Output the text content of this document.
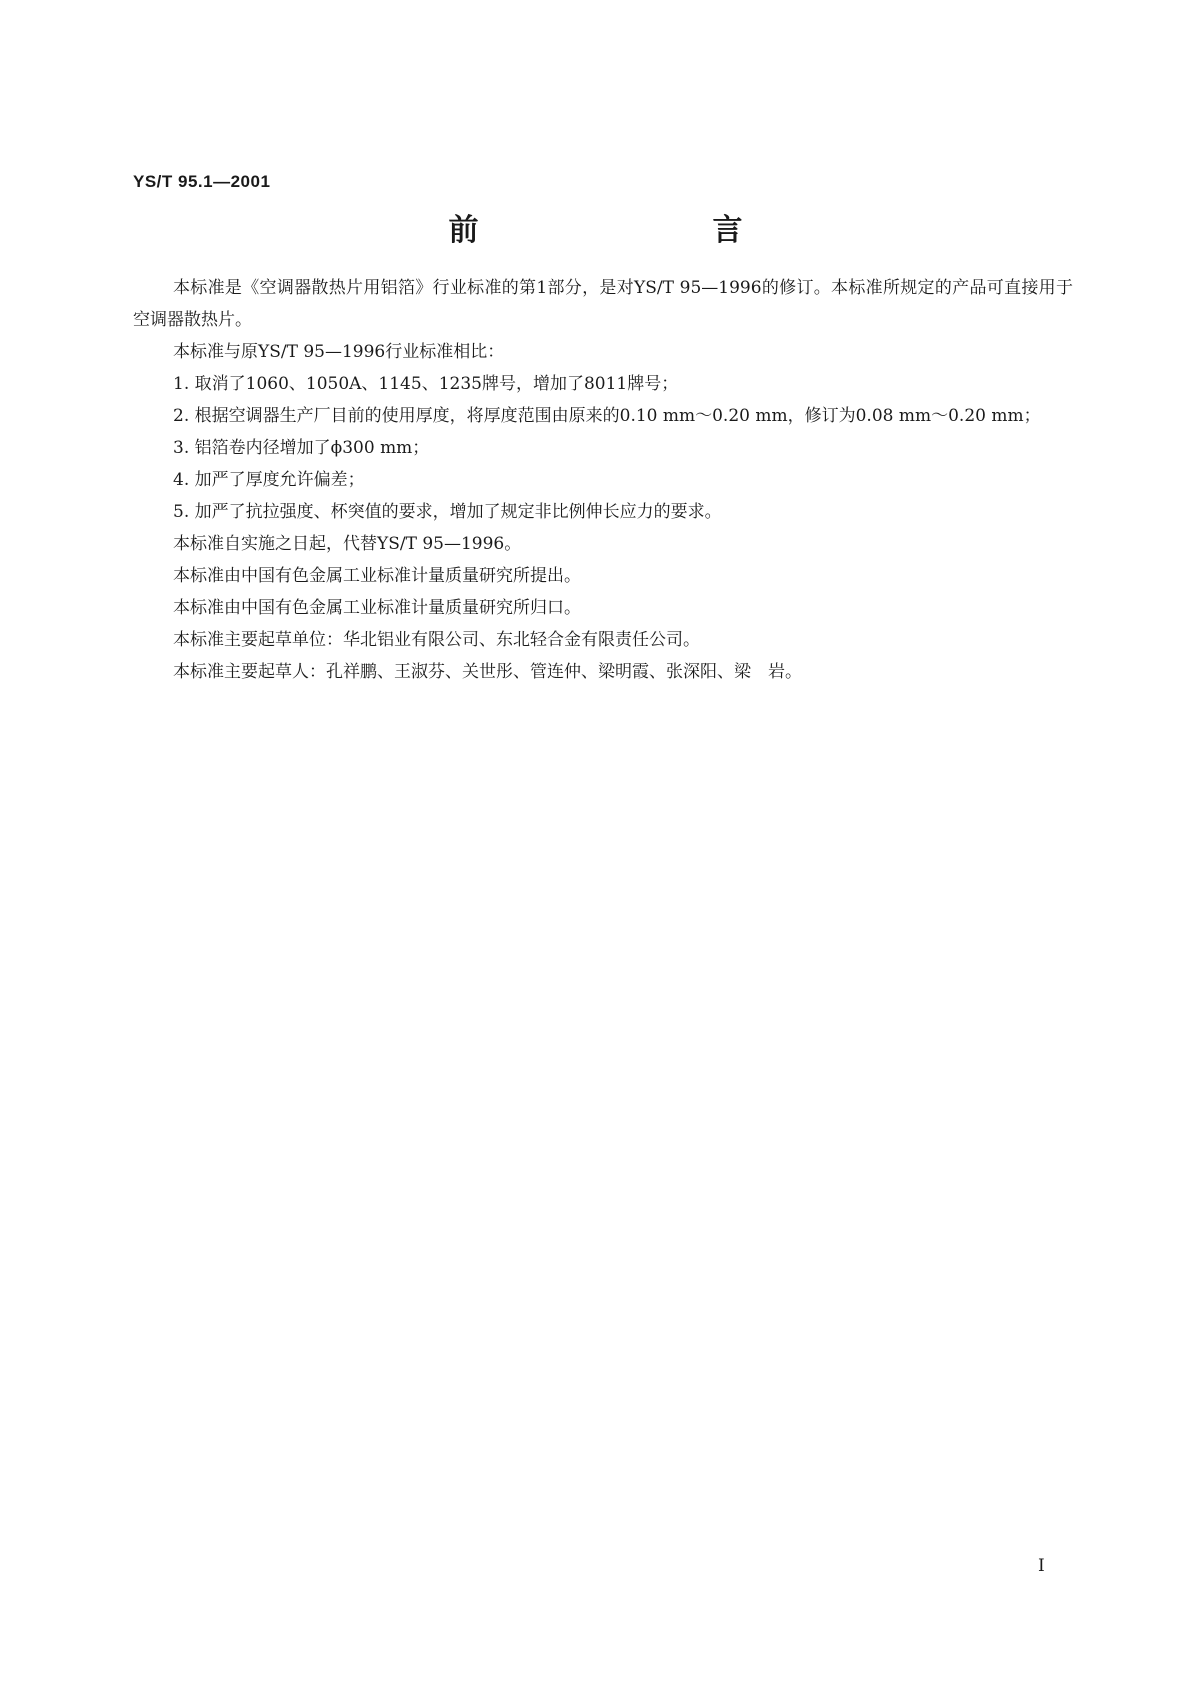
YS/T 95.1—2001
前　　言

本标准是《空调器散热片用铝箔》行业标准的第1部分，是对YS/T 95—1996的修订。本标准所规定的产品可直接用于空调器散热片。

本标准与原YS/T 95—1996行业标准相比：

1. 取消了1060、1050A、1145、1235牌号，增加了8011牌号；

2. 根据空调器生产厂目前的使用厚度，将厚度范围由原来的0.10 mm～0.20 mm，修订为0.08 mm～0.20 mm；

3. 铝箔卷内径增加了ϕ300 mm；

4. 加严了厚度允许偏差；

5. 加严了抗拉强度、杯突值的要求，增加了规定非比例伸长应力的要求。

本标准自实施之日起，代替YS/T 95—1996。

本标准由中国有色金属工业标准计量质量研究所提出。

本标准由中国有色金属工业标准计量质量研究所归口。

本标准主要起草单位：华北铝业有限公司、东北轻合金有限责任公司。

本标准主要起草人：孔祥鹏、王淑芬、关世彤、管连仲、梁明霞、张深阳、梁　岩。

I
